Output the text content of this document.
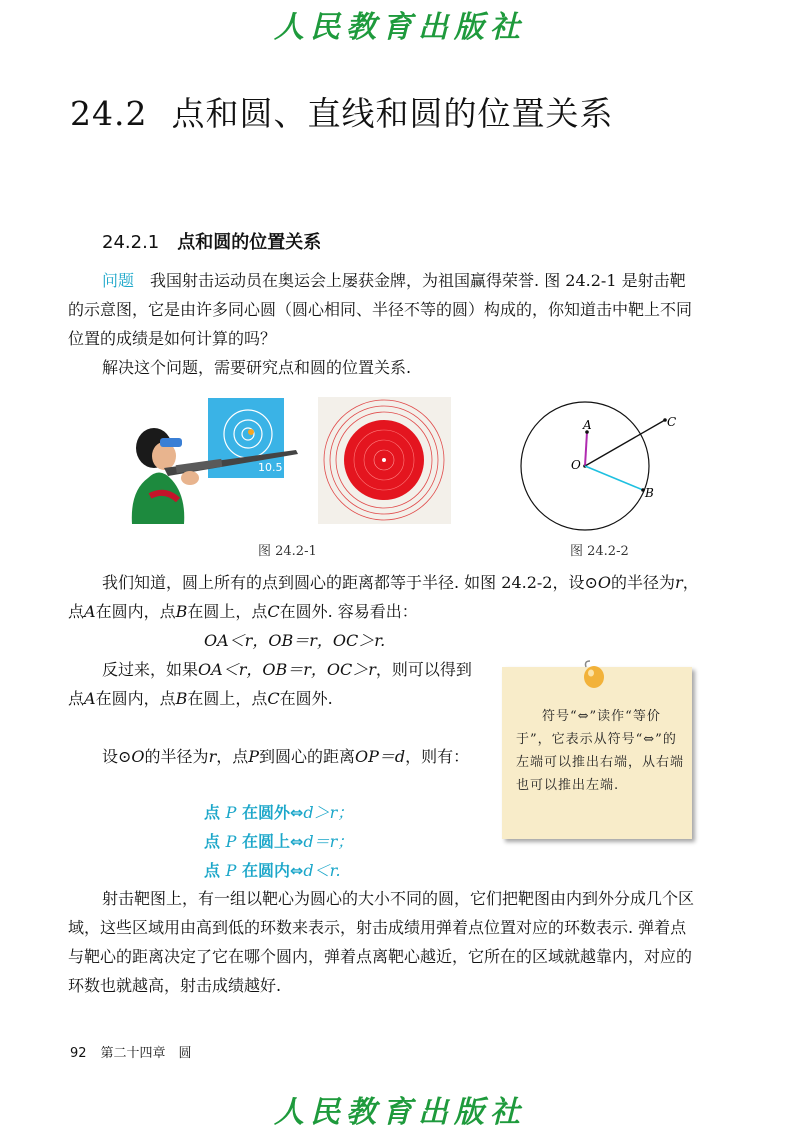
人民教育出版社
24.2 点和圆、直线和圆的位置关系
24.2.1 点和圆的位置关系

问题　 我国射击运动员在奥运会上屡获金牌，为祖国赢得荣誉. 图 24.2-1 是射击靶的示意图，它是由许多同心圆（圆心相同、半径不等的圆）构成的，你知道击中靶上不同位置的成绩是如何计算的吗？

解决这个问题，需要研究点和圆的位置关系.

10.5
图 24.2-1
A	C
B
O
图 24.2-2

我们知道，圆上所有的点到圆心的距离都等于半径. 如图 24.2-2，设⊙O的半径为r，点A在圆内，点B在圆上，点C在圆外. 容易看出：

OA＜r，OB＝r，OC＞r.

反过来，如果OA＜r，OB＝r，OC＞r，则可以得到点A在圆内，点B在圆上，点C在圆外.

设⊙O的半径为r，点P到圆心的距离OP＝d，则有：

点 P 在圆外⇔d＞r；

点 P 在圆上⇔d＝r；

点 P 在圆内⇔d＜r.

符号“⇔”读作“等价于”，它表示从符号“⇔”的左端可以推出右端，从右端也可以推出左端.

射击靶图上，有一组以靶心为圆心的大小不同的圆，它们把靶图由内到外分成几个区域，这些区域用由高到低的环数来表示，射击成绩用弹着点位置对应的环数表示. 弹着点与靶心的距离决定了它在哪个圆内，弹着点离靶心越近，它所在的区域就越靠内，对应的环数也就越高，射击成绩越好.

92 第二十四章　圆
人民教育出版社
